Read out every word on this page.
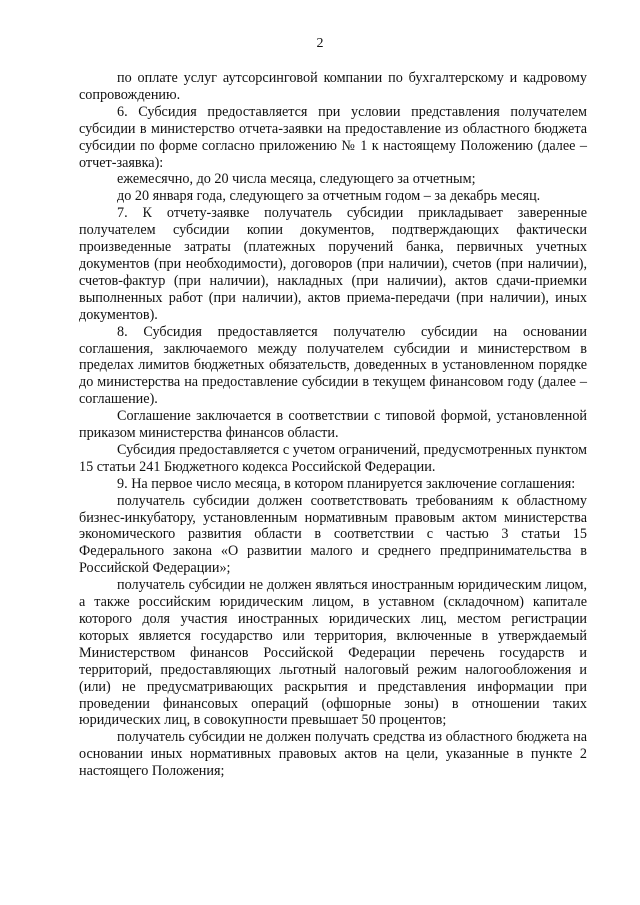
2

по оплате услуг аутсорсинговой компании по бухгалтерскому и кадровому сопровождению.

6. Субсидия предоставляется при условии представления получателем субсидии в министерство отчета-заявки на предоставление из областного бюджета субсидии по форме согласно приложению № 1 к настоящему Положению (далее – отчет-заявка):

ежемесячно, до 20 числа месяца, следующего за отчетным;

до 20 января года, следующего за отчетным годом – за декабрь месяц.

7. К отчету-заявке получатель субсидии прикладывает заверенные получателем субсидии копии документов, подтверждающих фактически произведенные затраты (платежных поручений банка, первичных учетных документов (при необходимости), договоров (при наличии), счетов (при наличии), счетов-фактур (при наличии), накладных (при наличии), актов сдачи-приемки выполненных работ (при наличии), актов приема-передачи (при наличии), иных документов).

8. Субсидия предоставляется получателю субсидии на основании соглашения, заключаемого между получателем субсидии и министерством в пределах лимитов бюджетных обязательств, доведенных в установленном порядке до министерства на предоставление субсидии в текущем финансовом году (далее – соглашение).

Соглашение заключается в соответствии с типовой формой, установленной приказом министерства финансов области.

Субсидия предоставляется с учетом ограничений, предусмотренных пунктом 15 статьи 241 Бюджетного кодекса Российской Федерации.

9. На первое число месяца, в котором планируется заключение соглашения:

получатель субсидии должен соответствовать требованиям к областному бизнес-инкубатору, установленным нормативным правовым актом министерства экономического развития области в соответствии с частью 3 статьи 15 Федерального закона «О развитии малого и среднего предпринимательства в Российской Федерации»;

получатель субсидии не должен являться иностранным юридическим лицом, а также российским юридическим лицом, в уставном (складочном) капитале которого доля участия иностранных юридических лиц, местом регистрации которых является государство или территория, включенные в утверждаемый Министерством финансов Российской Федерации перечень государств и территорий, предоставляющих льготный налоговый режим налогообложения и (или) не предусматривающих раскрытия и представления информации при проведении финансовых операций (офшорные зоны) в отношении таких юридических лиц, в совокупности превышает 50 процентов;

получатель субсидии не должен получать средства из областного бюджета на основании иных нормативных правовых актов на цели, указанные в пункте 2 настоящего Положения;
